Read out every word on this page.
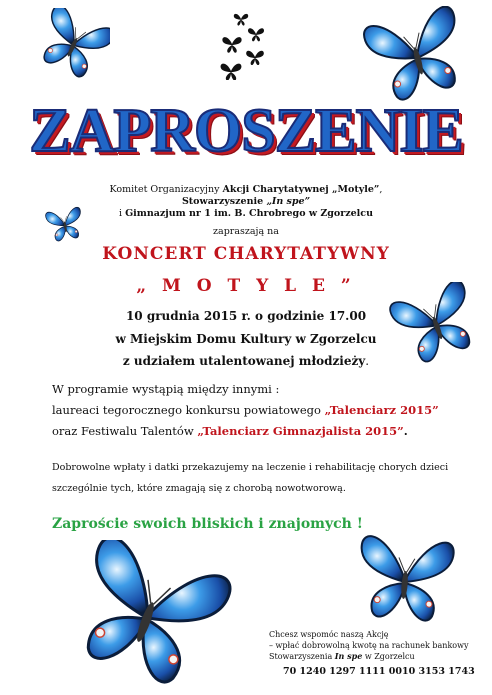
ZAPROSZENIE
Komitet Organizacyjny Akcji Charytatywnej „Motyle”,
Stowarzyszenie „In spe”
i Gimnazjum nr 1 im. B. Chrobrego w Zgorzelcu
zapraszają na
KONCERT CHARYTATYWNY
„ M O T Y L E ”
10 grudnia 2015 r. o godzinie 17.00
w Miejskim Domu Kultury w Zgorzelcu
z udziałem utalentowanej młodzieży.
W programie wystąpią między innymi :
laureaci tegorocznego konkursu powiatowego „Talenciarz 2015”
oraz Festiwalu Talentów „Talenciarz Gimnazjalista 2015”.
Dobrowolne wpłaty i datki przekazujemy na leczenie i rehabilitację chorych dzieci
szczególnie tych, które zmagają się z chorobą nowotworową.
Zaproście swoich bliskich i znajomych !
Chcesz wspomóc naszą Akcję
– wpłać dobrowolną kwotę na rachunek bankowy
Stowarzyszenia In spe w Zgorzelcu
70 1240 1297 1111 0010 3153 1743
